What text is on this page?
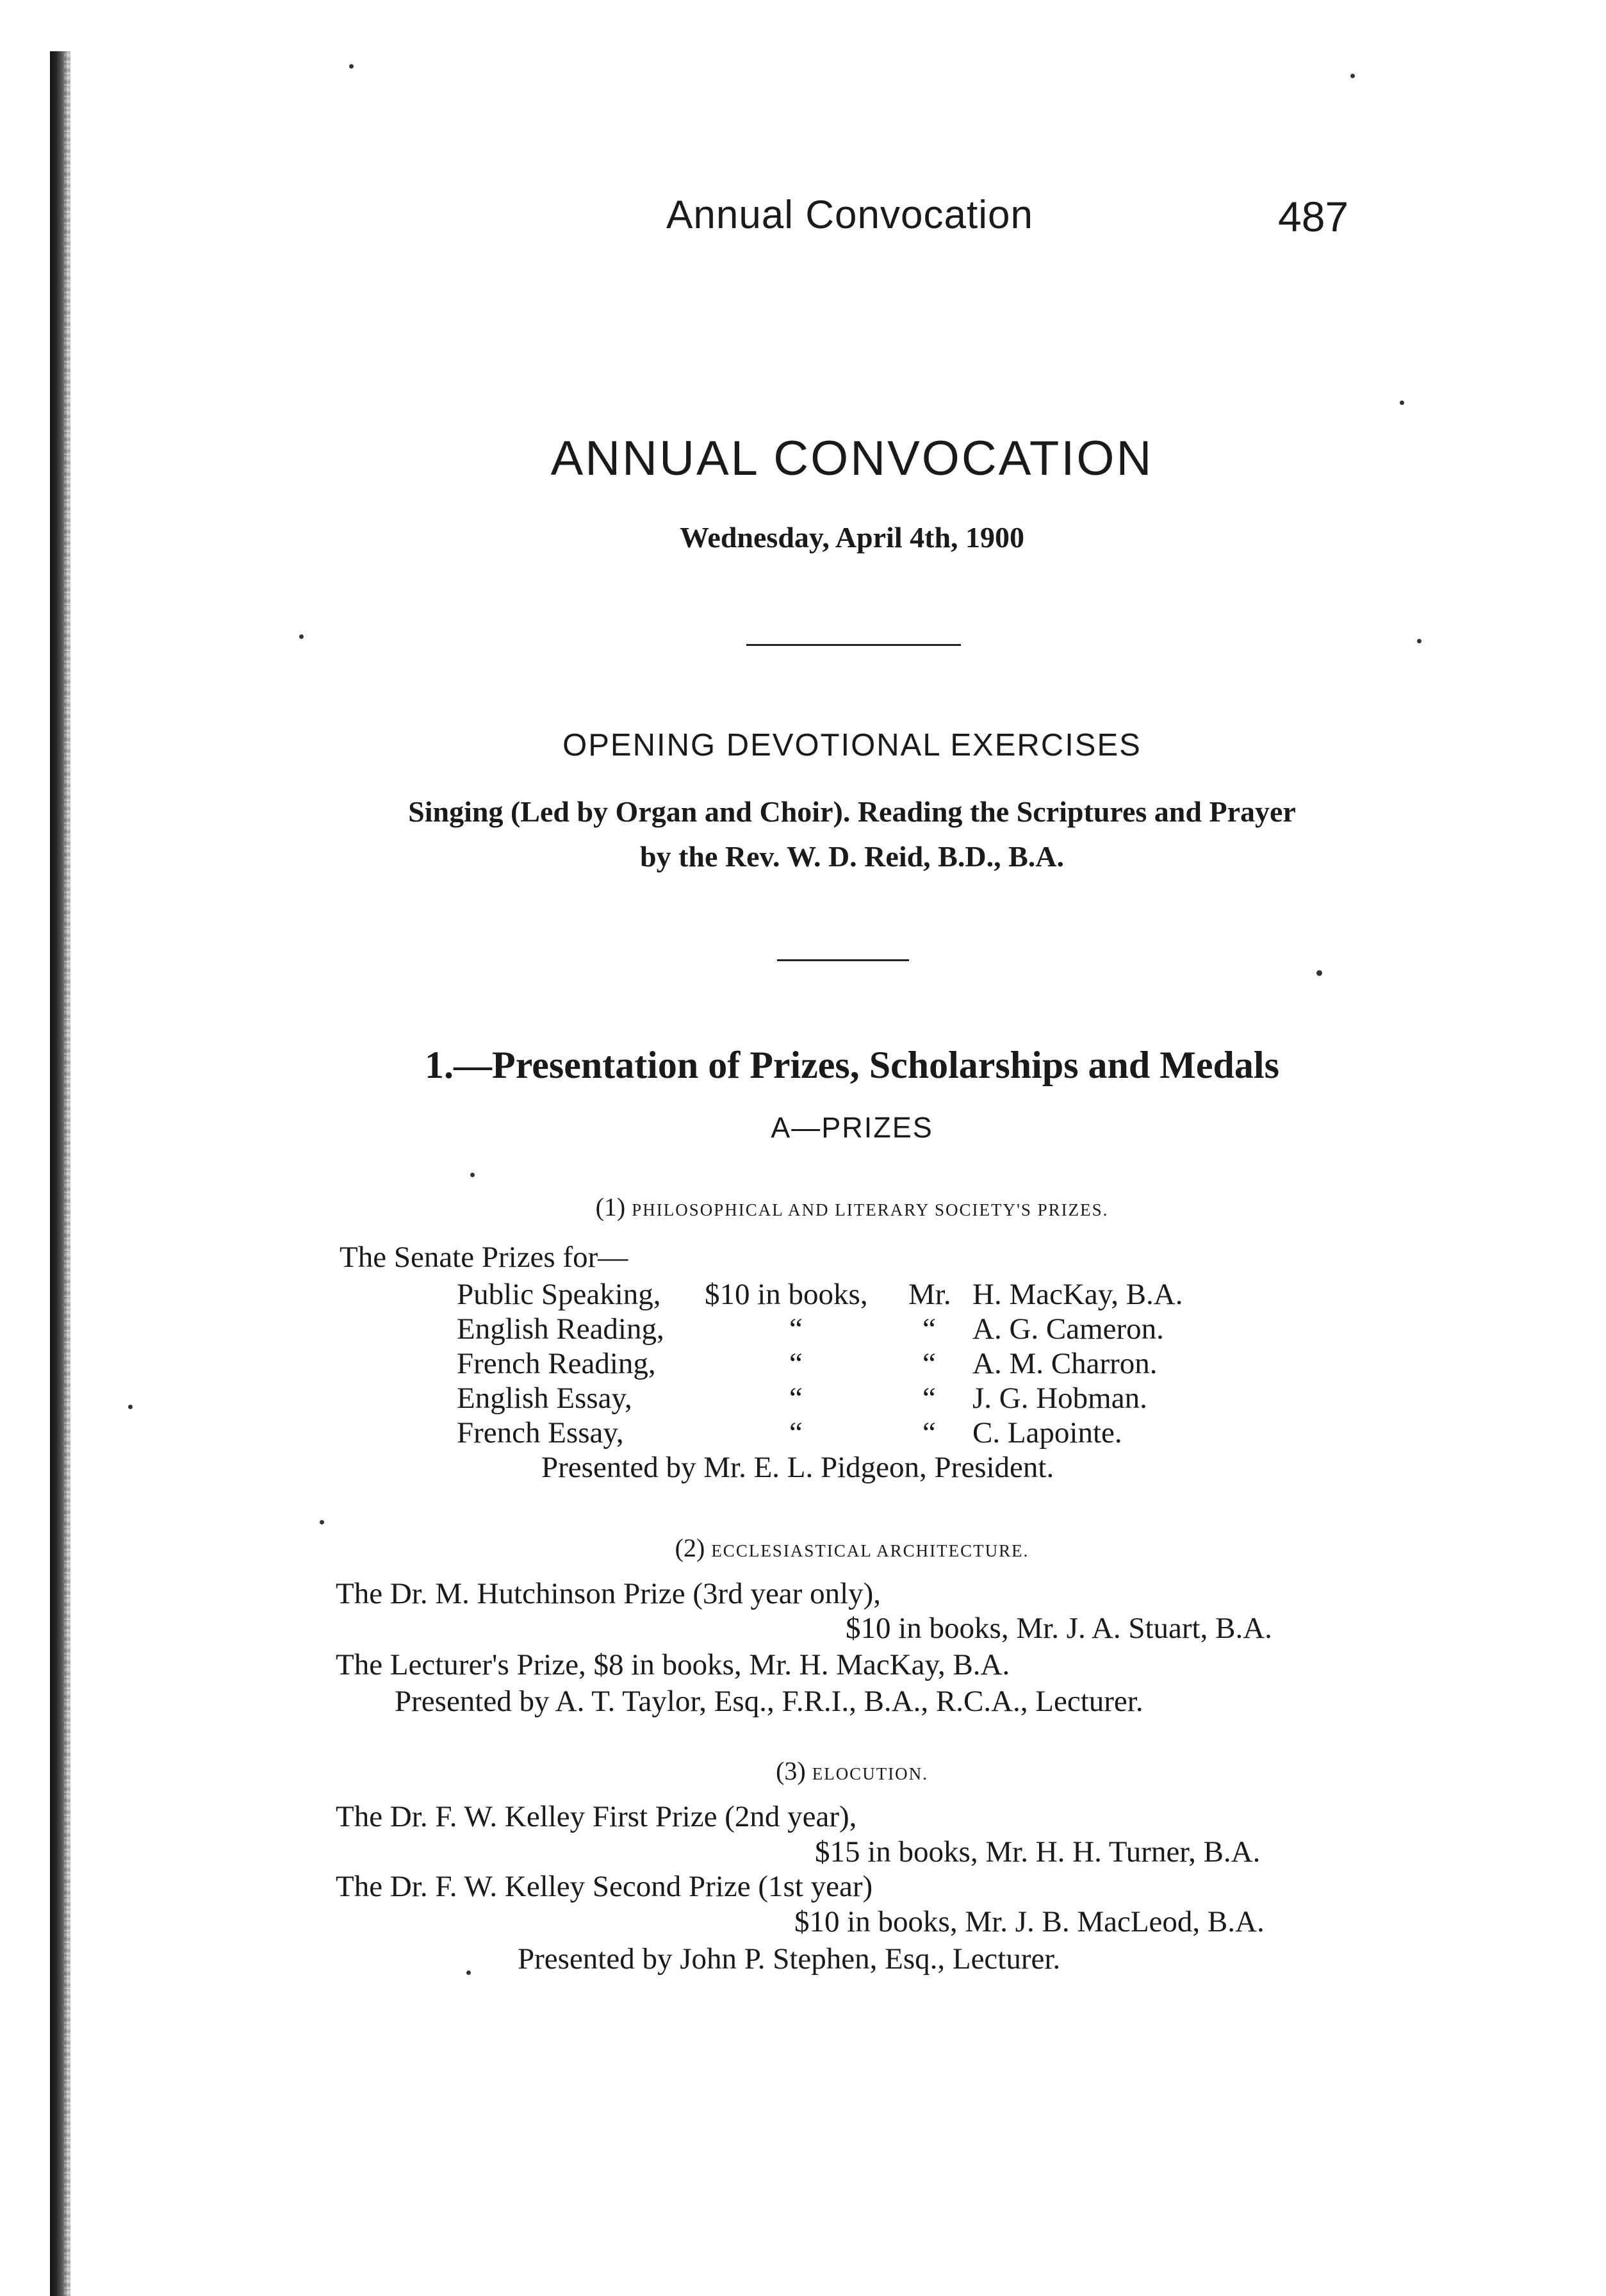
Annual Convocation	487
ANNUAL CONVOCATION
Wednesday, April 4th, 1900
OPENING DEVOTIONAL EXERCISES
Singing (Led by Organ and Choir). Reading the Scriptures and Prayer
by the Rev. W. D. Reid, B.D., B.A.
1.—Presentation of Prizes, Scholarships and Medals
A—PRIZES
(1) PHILOSOPHICAL AND LITERARY SOCIETY'S PRIZES.
The Senate Prizes for—
Public Speaking, $10 in books, Mr. H. MacKay, B.A.
English Reading,	“	“ A. G. Cameron.
French Reading,	“	“ A. M. Charron.
English Essay,	“	“ J. G. Hobman.
French Essay,	“	“ C. Lapointe.
Presented by Mr. E. L. Pidgeon, President.
(2) ECCLESIASTICAL ARCHITECTURE.
The Dr. M. Hutchinson Prize (3rd year only),
$10 in books, Mr. J. A. Stuart, B.A.
The Lecturer's Prize, $8 in books, Mr. H. MacKay, B.A.
Presented by A. T. Taylor, Esq., F.R.I., B.A., R.C.A., Lecturer.
(3) ELOCUTION.
The Dr. F. W. Kelley First Prize (2nd year),
$15 in books, Mr. H. H. Turner, B.A.
The Dr. F. W. Kelley Second Prize (1st year)
$10 in books, Mr. J. B. MacLeod, B.A.
Presented by John P. Stephen, Esq., Lecturer.
